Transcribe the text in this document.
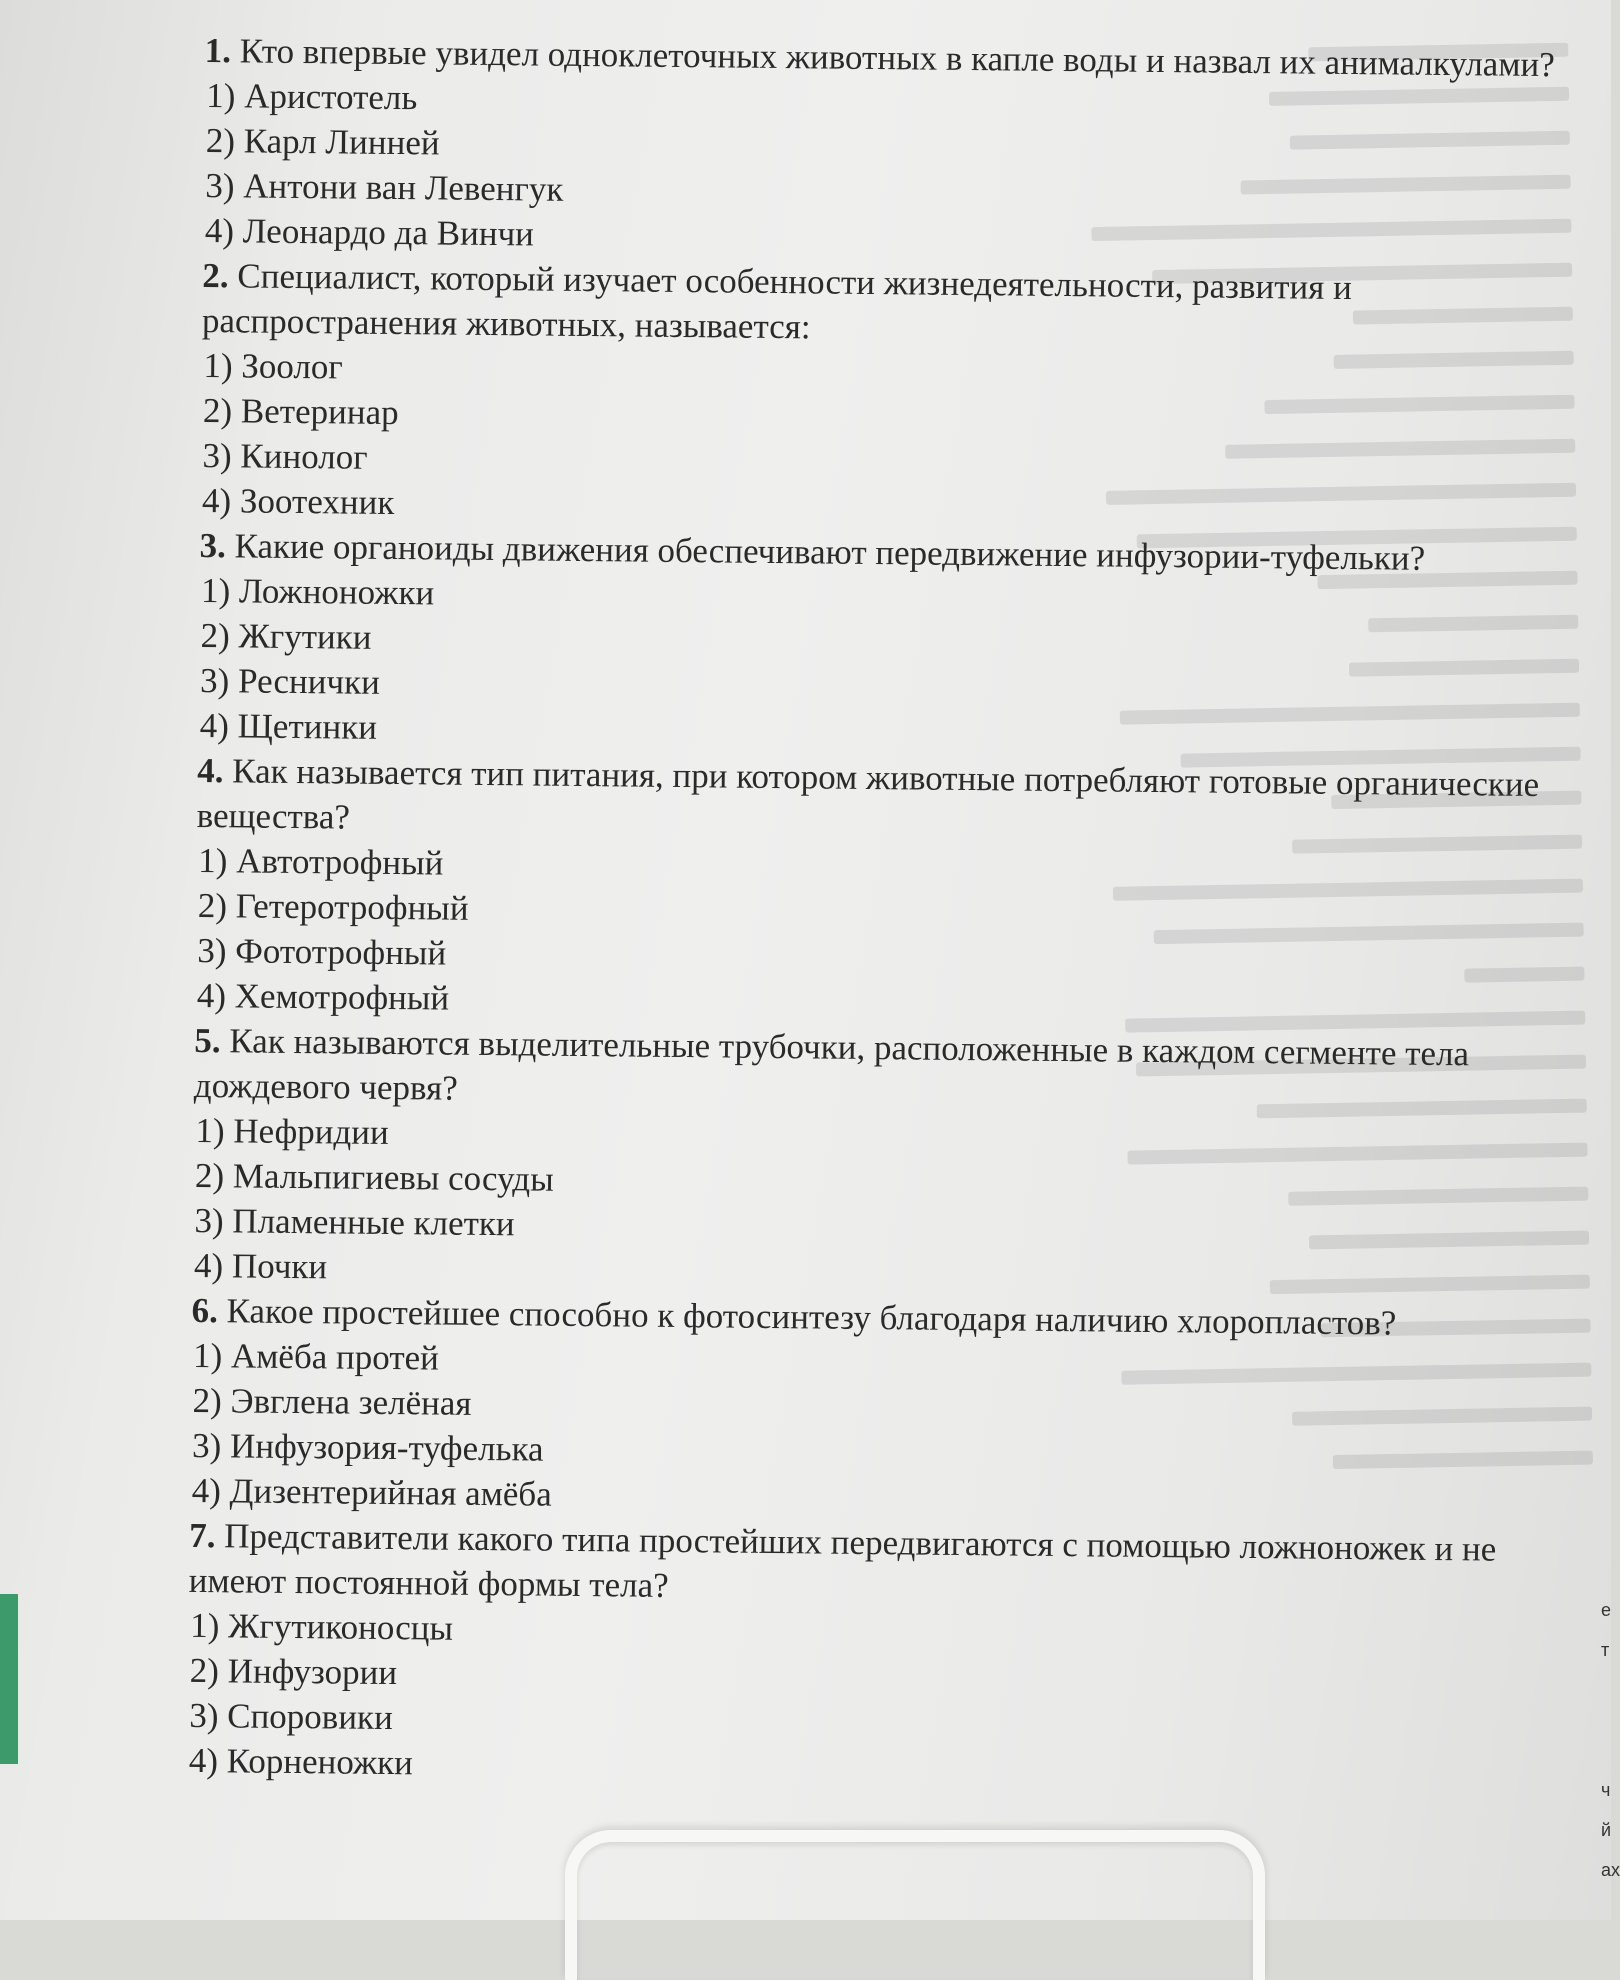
1. Кто впервые увидел одноклеточных животных в капле воды и назвал их анималкулами?
1) Аристотель
2) Карл Линней
3) Антони ван Левенгук
4) Леонардо да Винчи
2. Специалист, который изучает особенности жизнедеятельности, развития и распространения животных, называется:
1) Зоолог
2) Ветеринар
3) Кинолог
4) Зоотехник
3. Какие органоиды движения обеспечивают передвижение инфузории-туфельки?
1) Ложноножки
2) Жгутики
3) Реснички
4) Щетинки
4. Как называется тип питания, при котором животные потребляют готовые органические вещества?
1) Автотрофный
2) Гетеротрофный
3) Фототрофный
4) Хемотрофный
5. Как называются выделительные трубочки, расположенные в каждом сегменте тела дождевого червя?
1) Нефридии
2) Мальпигиевы сосуды
3) Пламенные клетки
4) Почки
6. Какое простейшее способно к фотосинтезу благодаря наличию хлоропластов?
1) Амёба протей
2) Эвглена зелёная
3) Инфузория-туфелька
4) Дизентерийная амёба
7. Представители какого типа простейших передвигаются с помощью ложноножек и не имеют постоянной формы тела?
1) Жгутиконосцы
2) Инфузории
3) Споровики
4) Корненожки
е
т
ч
й
ах
